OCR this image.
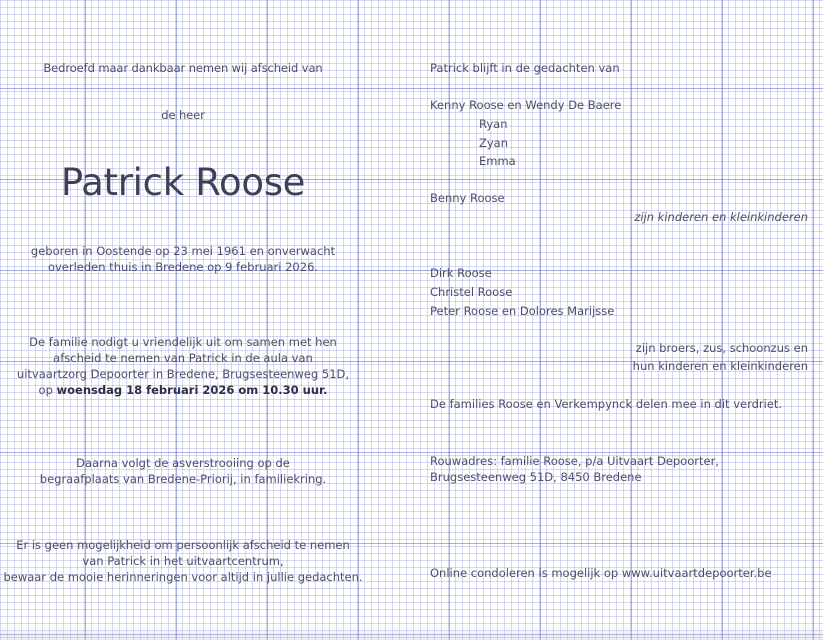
Bedroefd maar dankbaar nemen wij afscheid van
de heer
Patrick Roose
geboren in Oostende op 23 mei 1961 en onverwacht
overleden thuis in Bredene op 9 februari 2026.
De familie nodigt u vriendelijk uit om samen met hen
afscheid te nemen van Patrick in de aula van
uitvaartzorg Depoorter in Bredene, Brugsesteenweg 51D,
op woensdag 18 februari 2026 om 10.30 uur.
Daarna volgt de asverstrooiing op de
begraafplaats van Bredene-Priorij, in familiekring.
Er is geen mogelijkheid om persoonlijk afscheid te nemen
van Patrick in het uitvaartcentrum,
bewaar de mooie herinneringen voor altijd in jullie gedachten.
Patrick blijft in de gedachten van
Kenny Roose en Wendy De Baere
Ryan
Zyan
Emma
Benny Roose
zijn kinderen en kleinkinderen
Dirk Roose
Christel Roose
Peter Roose en Dolores Marijsse
zijn broers, zus, schoonzus en
hun kinderen en kleinkinderen
De families Roose en Verkempynck delen mee in dit verdriet.
Rouwadres: familie Roose, p/a Uitvaart Depoorter,
Brugsesteenweg 51D, 8450 Bredene
Online condoleren is mogelijk op www.uitvaartdepoorter.be
